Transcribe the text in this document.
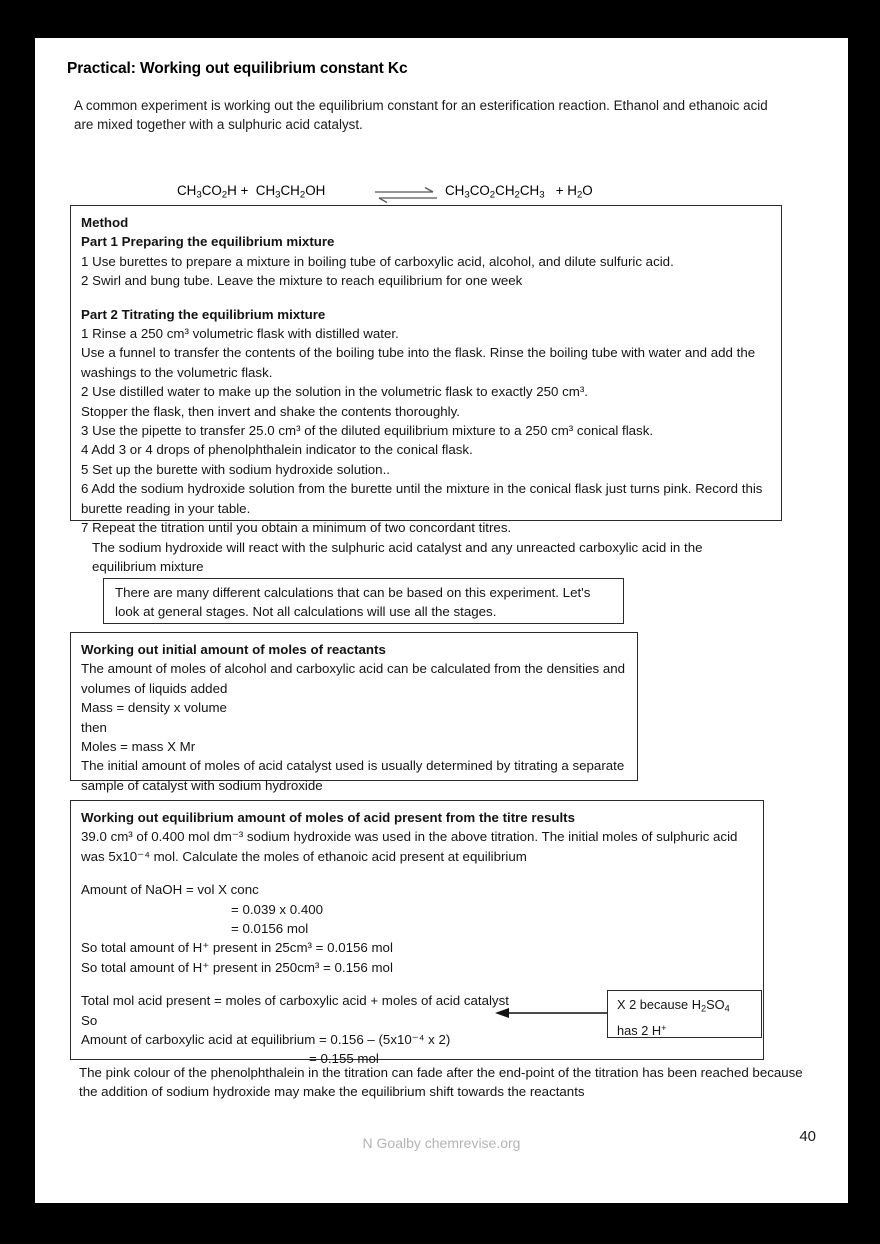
Practical: Working out equilibrium constant Kc
A common experiment is working out the equilibrium constant for an esterification reaction. Ethanol and ethanoic acid are mixed together with a sulphuric acid catalyst.
$CH_3CO_2H + CH_3CH_2OH$	$CH_3CO_2CH_2CH_3 + H_2O$
Method
Part 1 Preparing the equilibrium mixture
1 Use burettes to prepare a mixture in boiling tube of carboxylic acid, alcohol, and dilute sulfuric acid.
2 Swirl and bung tube. Leave the mixture to reach equilibrium for one week
Part 2 Titrating the equilibrium mixture
1 Rinse a 250 cm³ volumetric flask with distilled water.
Use a funnel to transfer the contents of the boiling tube into the flask. Rinse the boiling tube with water and add the washings to the volumetric flask.
2 Use distilled water to make up the solution in the volumetric flask to exactly 250 cm³.
Stopper the flask, then invert and shake the contents thoroughly.
3 Use the pipette to transfer 25.0 cm³ of the diluted equilibrium mixture to a 250 cm³ conical flask.
4 Add 3 or 4 drops of phenolphthalein indicator to the conical flask.
5 Set up the burette with sodium hydroxide solution..
6 Add the sodium hydroxide solution from the burette until the mixture in the conical flask just turns pink. Record this burette reading in your table.
7 Repeat the titration until you obtain a minimum of two concordant titres.
The sodium hydroxide will react with the sulphuric acid catalyst and any unreacted carboxylic acid in the equilibrium mixture
There are many different calculations that can be based on this experiment. Let's look at general stages. Not all calculations will use all the stages.
Working out initial amount of moles of reactants
The amount of moles of alcohol and carboxylic acid can be calculated from the densities and volumes of liquids added
Mass = density x volume
then
Moles = mass X Mr
The initial amount of moles of acid catalyst used is usually determined by titrating a separate sample of catalyst with sodium hydroxide
Working out equilibrium amount of moles of acid present from the titre results
39.0 cm³ of 0.400 mol dm⁻³ sodium hydroxide was used in the above titration. The initial moles of sulphuric acid was 5x10⁻⁴ mol. Calculate the moles of ethanoic acid present at equilibrium
Amount of NaOH = vol X conc
= 0.039 x 0.400
= 0.0156 mol
So total amount of H⁺ present in 25cm³ = 0.0156 mol
So total amount of H⁺ present in 250cm³ = 0.156 mol
Total mol acid present = moles of carboxylic acid + moles of acid catalyst
So
Amount of carboxylic acid at equilibrium = 0.156 – (5x10⁻⁴ x 2)
= 0.155 mol
X 2 because $H_2SO_4$
has 2 H+
The pink colour of the phenolphthalein in the titration can fade after the end-point of the titration has been reached because the addition of sodium hydroxide may make the equilibrium shift towards the reactants
N Goalby chemrevise.org	40
